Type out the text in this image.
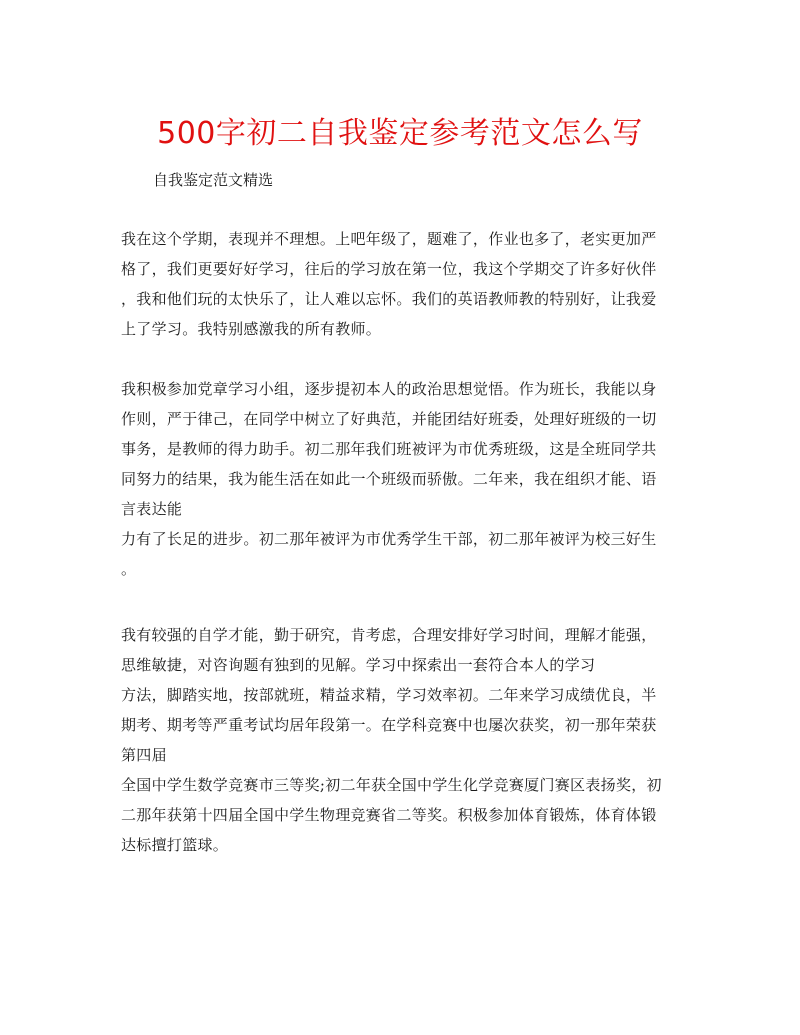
500字初二自我鉴定参考范文怎么写

自我鉴定范文精选

我在这个学期，表现并不理想。上吧年级了，题难了，作业也多了，老实更加严
格了，我们更要好好学习，往后的学习放在第一位，我这个学期交了许多好伙伴
，我和他们玩的太快乐了，让人难以忘怀。我们的英语教师教的特别好，让我爱
上了学习。我特别感激我的所有教师。
我积极参加党章学习小组，逐步提初本人的政治思想觉悟。作为班长，我能以身
作则，严于律己，在同学中树立了好典范，并能团结好班委，处理好班级的一切
事务，是教师的得力助手。初二那年我们班被评为市优秀班级，这是全班同学共
同努力的结果，我为能生活在如此一个班级而骄傲。二年来，我在组织才能、语
言表达能
力有了长足的进步。初二那年被评为市优秀学生干部，初二那年被评为校三好生
。
我有较强的自学才能，勤于研究，肯考虑，合理安排好学习时间，理解才能强，
思维敏捷，对咨询题有独到的见解。学习中探索出一套符合本人的学习
方法，脚踏实地，按部就班，精益求精，学习效率初。二年来学习成绩优良，半
期考、期考等严重考试均居年段第一。在学科竞赛中也屡次获奖，初一那年荣获
第四届
全国中学生数学竞赛市三等奖;初二年获全国中学生化学竞赛厦门赛区表扬奖，初
二那年获第十四届全国中学生物理竞赛省二等奖。积极参加体育锻炼，体育体锻
达标擅打篮球。
